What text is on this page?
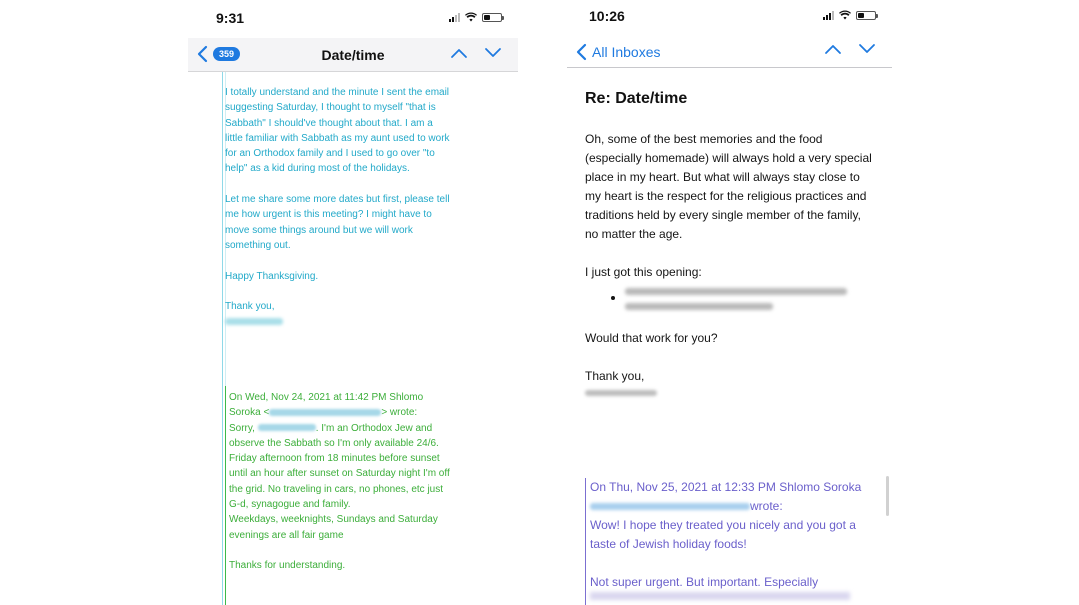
9:31
359	Date/time

I totally understand and the minute I sent the email suggesting Saturday, I thought to myself "that is Sabbath" I should've thought about that. I am a little familiar with Sabbath as my aunt used to work for an Orthodox family and I used to go over "to help" as a kid during most of the holidays.

Let me share some more dates but first, please tell me how urgent is this meeting? I might have to move some things around but we will work something out.

Happy Thanksgiving.

Thank you,

On Wed, Nov 24, 2021 at 11:42 PM Shlomo Soroka <	> wrote:

Sorry,	. I'm an Orthodox Jew and observe the Sabbath so I'm only available 24/6. Friday afternoon from 18 minutes before sunset until an hour after sunset on Saturday night I'm off the grid. No traveling in cars, no phones, etc just G-d, synagogue and family.

Weekdays, weeknights, Sundays and Saturday evenings are all fair game

Thanks for understanding.

10:26
All Inboxes
Re: Date/time

Oh, some of the best memories and the food (especially homemade) will always hold a very special place in my heart. But what will always stay close to my heart is the respect for the religious practices and traditions held by every single member of the family, no matter the age.

I just got this opening:

•

Would that work for you?

Thank you,

On Thu, Nov 25, 2021 at 12:33 PM Shlomo Sorokawrote:

Wow! I hope they treated you nicely and you got a taste of Jewish holiday foods!

Not super urgent. But important. Especially
